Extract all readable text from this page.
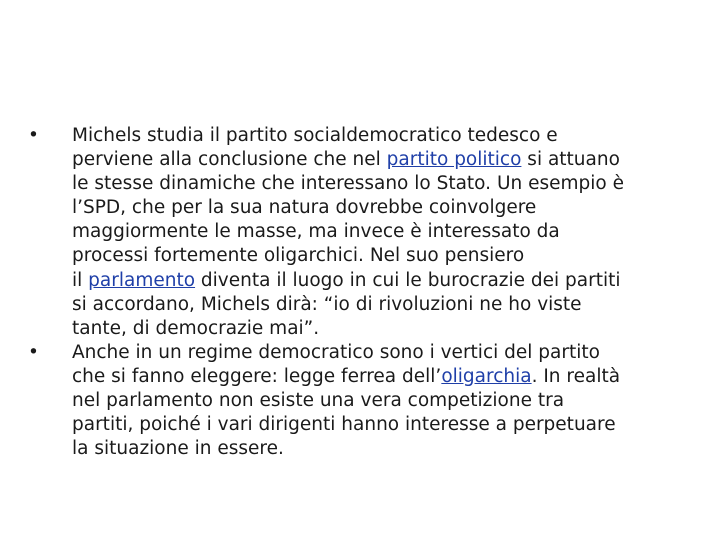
•	Michels studia il partito socialdemocratico tedesco e
perviene alla conclusione che nel partito politico si attuano
le stesse dinamiche che interessano lo Stato. Un esempio è
l’SPD, che per la sua natura dovrebbe coinvolgere
maggiormente le masse, ma invece è interessato da
processi fortemente oligarchici. Nel suo pensiero
il parlamento diventa il luogo in cui le burocrazie dei partiti
si accordano, Michels dirà: “io di rivoluzioni ne ho viste
tante, di democrazie mai”.
•	Anche in un regime democratico sono i vertici del partito
che si fanno eleggere: legge ferrea dell’oligarchia. In realtà
nel parlamento non esiste una vera competizione tra
partiti, poiché i vari dirigenti hanno interesse a perpetuare
la situazione in essere.
